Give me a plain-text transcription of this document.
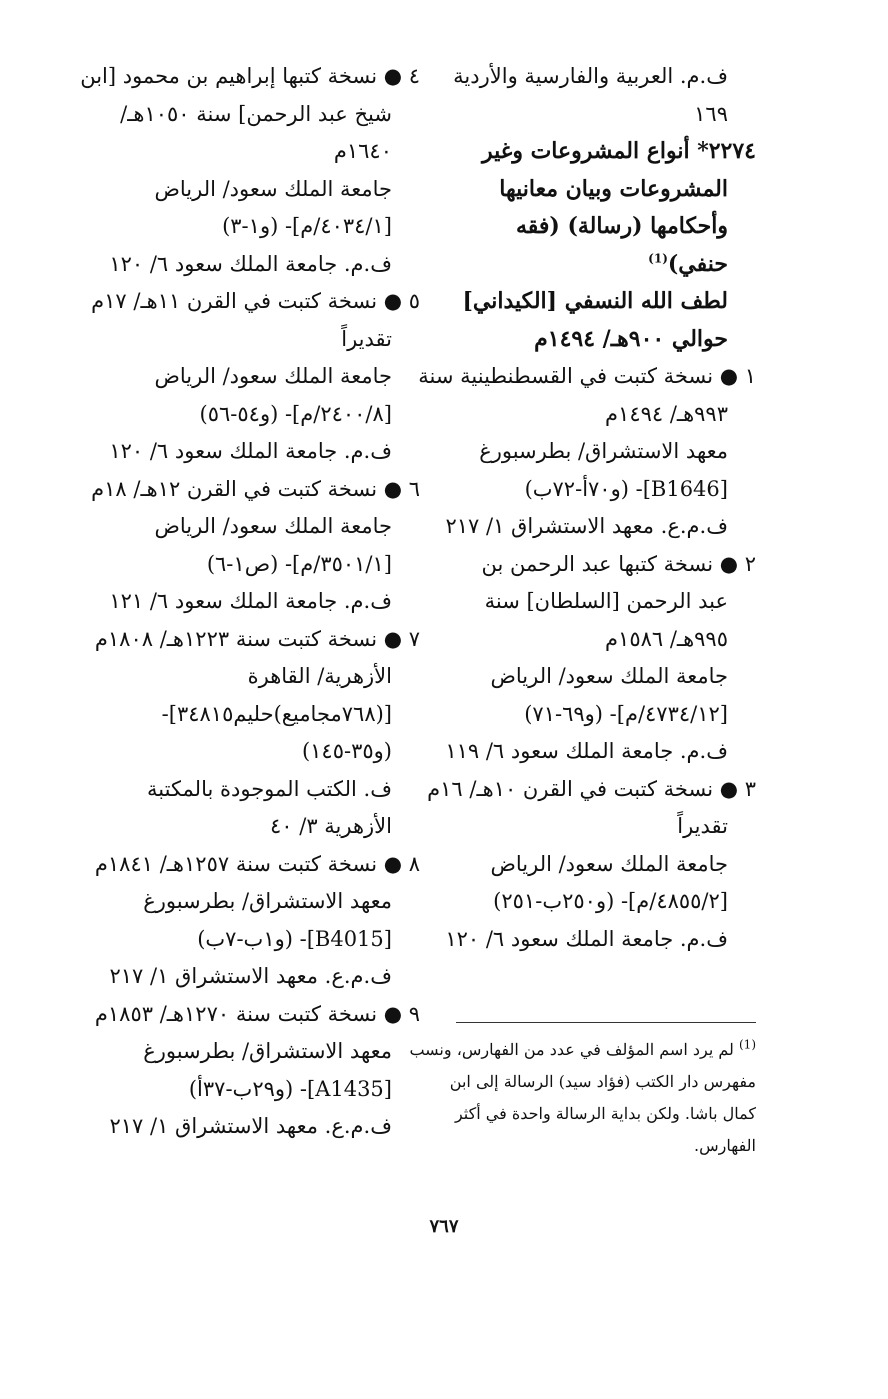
ف.م. العربية والفارسية والأردية
١٦٩
٢٢٧٤* أنواع المشروعات وغير
المشروعات وبيان معانيها
وأحكامها (رسالة) (فقه
حنفي)$^{(1)}$
لطف الله النسفي [الكيداني]
حوالي ٩٠٠هـ/ ١٤٩٤م
١ ● نسخة كتبت في القسطنطينية سنة
٩٩٣هـ/ ١٤٩٤م
معهد الاستشراق/ بطرسبورغ
[B1646]- (و٧٠أ-٧٢ب)
ف.م.ع. معهد الاستشراق ١/ ٢١٧
٢ ● نسخة كتبها عبد الرحمن بن
عبد الرحمن [السلطان] سنة
٩٩٥هـ/ ١٥٨٦م
جامعة الملك سعود/ الرياض
[٤٧٣٤/١٢/م]- (و٦٩-٧١)
ف.م. جامعة الملك سعود ٦/ ١١٩
٣ ● نسخة كتبت في القرن ١٠هـ/ ١٦م
تقديراً
جامعة الملك سعود/ الرياض
[٤٨٥٥/٢/م]- (و٢٥٠ب-٢٥١)
ف.م. جامعة الملك سعود ٦/ ١٢٠
٤ ● نسخة كتبها إبراهيم بن محمود [ابن
شيخ عبد الرحمن] سنة ١٠٥٠هـ/
١٦٤٠م
جامعة الملك سعود/ الرياض
[٤٠٣٤/١/م]- (و١-٣)
ف.م. جامعة الملك سعود ٦/ ١٢٠
٥ ● نسخة كتبت في القرن ١١هـ/ ١٧م
تقديراً
جامعة الملك سعود/ الرياض
[٢٤٠٠/٨/م]- (و٥٤-٥٦)
ف.م. جامعة الملك سعود ٦/ ١٢٠
٦ ● نسخة كتبت في القرن ١٢هـ/ ١٨م
جامعة الملك سعود/ الرياض
[٣٥٠١/١/م]- (ص١-٦)
ف.م. جامعة الملك سعود ٦/ ١٢١
٧ ● نسخة كتبت سنة ١٢٢٣هـ/ ١٨٠٨م
الأزهرية/ القاهرة
[(٧٦٨مجاميع)حليم٣٤٨١٥]-
(و٣٥-١٤٥)
ف. الكتب الموجودة بالمكتبة
الأزهرية ٣/ ٤٠
٨ ● نسخة كتبت سنة ١٢٥٧هـ/ ١٨٤١م
معهد الاستشراق/ بطرسبورغ
[B4015]- (و١ب-٧ب)
ف.م.ع. معهد الاستشراق ١/ ٢١٧
٩ ● نسخة كتبت سنة ١٢٧٠هـ/ ١٨٥٣م
معهد الاستشراق/ بطرسبورغ
[A1435]- (و٢٩ب-٣٧أ)
ف.م.ع. معهد الاستشراق ١/ ٢١٧
$^{(1)}$ لم يرد اسم المؤلف في عدد من الفهارس، ونسب
مفهرس دار الكتب (فؤاد سيد) الرسالة إلى ابن
كمال باشا. ولكن بداية الرسالة واحدة في أكثر
الفهارس.
٧٦٧
